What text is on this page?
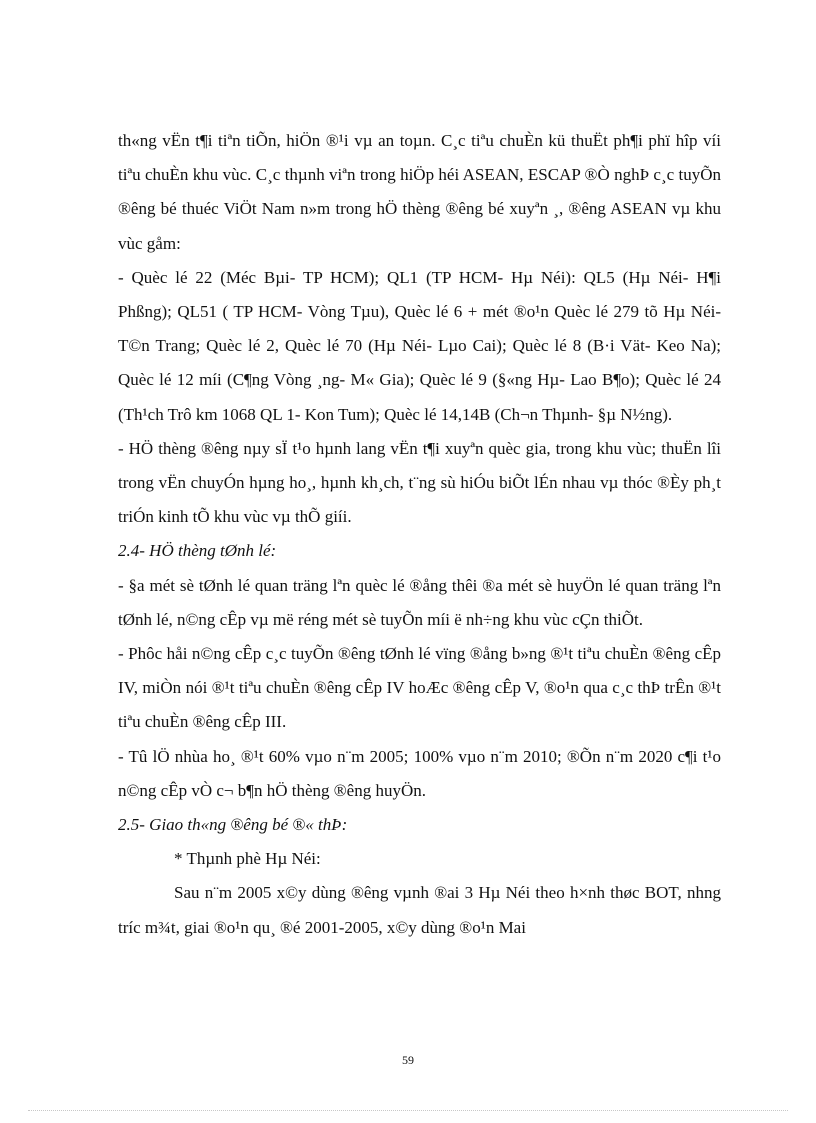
th«ng vËn t¶i tiªn tiÕn, hiÖn ®¹i vµ an toµn. C¸c tiªu chuÈn kü thuËt ph¶i phï hîp víi tiªu chuÈn khu vùc. C¸c thµnh viªn trong hiÖp héi ASEAN, ESCAP ®Ò nghÞ c¸c tuyÕn ®êng bé thuéc ViÖt Nam n»m trong hÖ thèng ®êng bé xuyªn ¸, ®êng ASEAN vµ khu vùc gåm:

- Quèc lé 22 (Méc Bµi- TP HCM); QL1 (TP HCM- Hµ Néi): QL5 (Hµ Néi- H¶i Phßng); QL51 ( TP HCM- Vòng Tµu), Quèc lé 6 + mét ®o¹n Quèc lé 279 tõ Hµ Néi- T©n Trang; Quèc lé 2, Quèc lé 70 (Hµ Néi- Lµo Cai); Quèc lé 8 (B·i Vät- Keo Na); Quèc lé 12 míi (C¶ng Vòng ¸ng- M« Gia); Quèc lé 9 (§«ng Hµ- Lao B¶o); Quèc lé 24 (Th¹ch Trô km 1068 QL 1- Kon Tum); Quèc lé 14,14B (Ch¬n Thµnh- §µ N½ng).

- HÖ thèng ®êng nµy sÏ t¹o hµnh lang vËn t¶i xuyªn quèc gia, trong khu vùc; thuËn lîi trong vËn chuyÓn hµng ho¸, hµnh kh¸ch, t¨ng sù hiÓu biÕt lÉn nhau vµ thóc ®Èy ph¸t triÓn kinh tÕ khu vùc vµ thÕ giíi.

2.4- HÖ thèng tØnh lé:

- §a mét sè tØnh lé quan träng lªn quèc lé ®ång thêi ®a mét sè huyÖn lé quan träng lªn tØnh lé, n©ng cÊp vµ më réng mét sè tuyÕn míi ë nh÷ng khu vùc cÇn thiÕt.

- Phôc håi n©ng cÊp c¸c tuyÕn ®êng tØnh lé vïng ®ång b»ng ®¹t tiªu chuÈn ®êng cÊp IV, miÒn nói ®¹t tiªu chuÈn ®êng cÊp IV hoÆc ®êng cÊp V, ®o¹n qua c¸c thÞ trÊn ®¹t tiªu chuÈn ®êng cÊp III.

- Tû lÖ nhùa ho¸ ®¹t 60% vµo n¨m 2005; 100% vµo n¨m 2010; ®Õn n¨m 2020 c¶i t¹o n©ng cÊp vÒ c¬ b¶n hÖ thèng ®êng huyÖn.

2.5- Giao th«ng ®êng bé ®« thÞ:

* Thµnh phè Hµ Néi:

Sau n¨m 2005 x©y dùng ®êng vµnh ®ai 3 Hµ Néi theo h×nh thøc BOT, nhng tríc m¾t, giai ®o¹n qu¸ ®é 2001-2005, x©y dùng ®o¹n Mai

59
